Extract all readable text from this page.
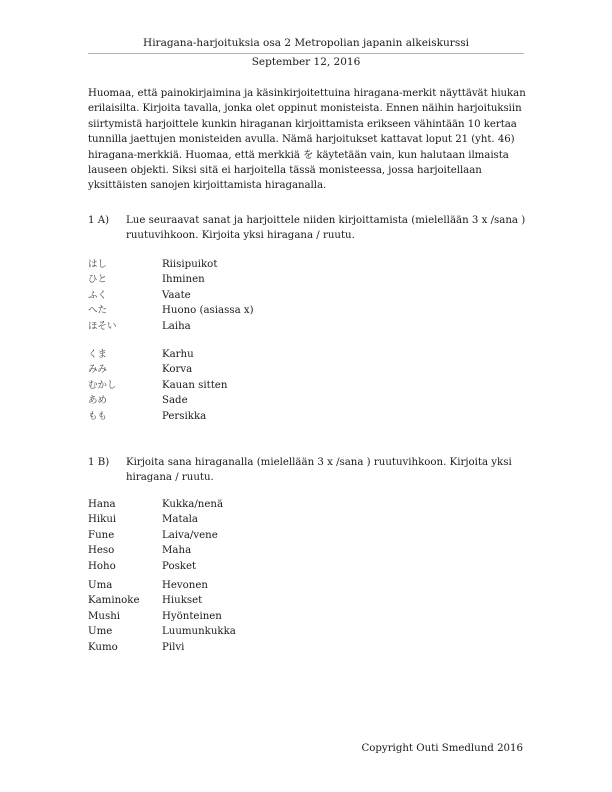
Hiragana-harjoituksia osa 2 Metropolian japanin alkeiskurssi
September 12, 2016

Huomaa, että painokirjaimina ja käsinkirjoitettuina hiragana-merkit näyttävät hiukan erilaisilta. Kirjoita tavalla, jonka olet oppinut monisteista. Ennen näihin harjoituksiin siirtymistä harjoittele kunkin hiraganan kirjoittamista erikseen vähintään 10 kertaa tunnilla jaettujen monisteiden avulla. Nämä harjoitukset kattavat loput 21 (yht. 46) hiragana-merkkiä. Huomaa, että merkkiä を käytetään vain, kun halutaan ilmaista lauseen objekti. Siksi sitä ei harjoitella tässä monisteessa, jossa harjoitellaan yksittäisten sanojen kirjoittamista hiraganalla.

1 A)	Lue seuraavat sanat ja harjoittele niiden kirjoittamista (mielellään 3 x /sana ) ruutuvihkoon. Kirjoita yksi hiragana / ruutu.
はし	Riisipuikot
ひと	Ihminen
ふく	Vaate
へた	Huono (asiassa x)
ほそい	Laiha
くま	Karhu
みみ	Korva
むかし	Kauan sitten
あめ	Sade
もも	Persikka
1 B)	Kirjoita sana hiraganalla (mielellään 3 x /sana ) ruutuvihkoon. Kirjoita yksi hiragana / ruutu.
Hana	Kukka/nenä
Hikui	Matala
Fune	Laiva/vene
Heso	Maha
Hoho	Posket
Uma	Hevonen
Kaminoke	Hiukset
Mushi	Hyönteinen
Ume	Luumunkukka
Kumo	Pilvi
Copyright Outi Smedlund 2016
